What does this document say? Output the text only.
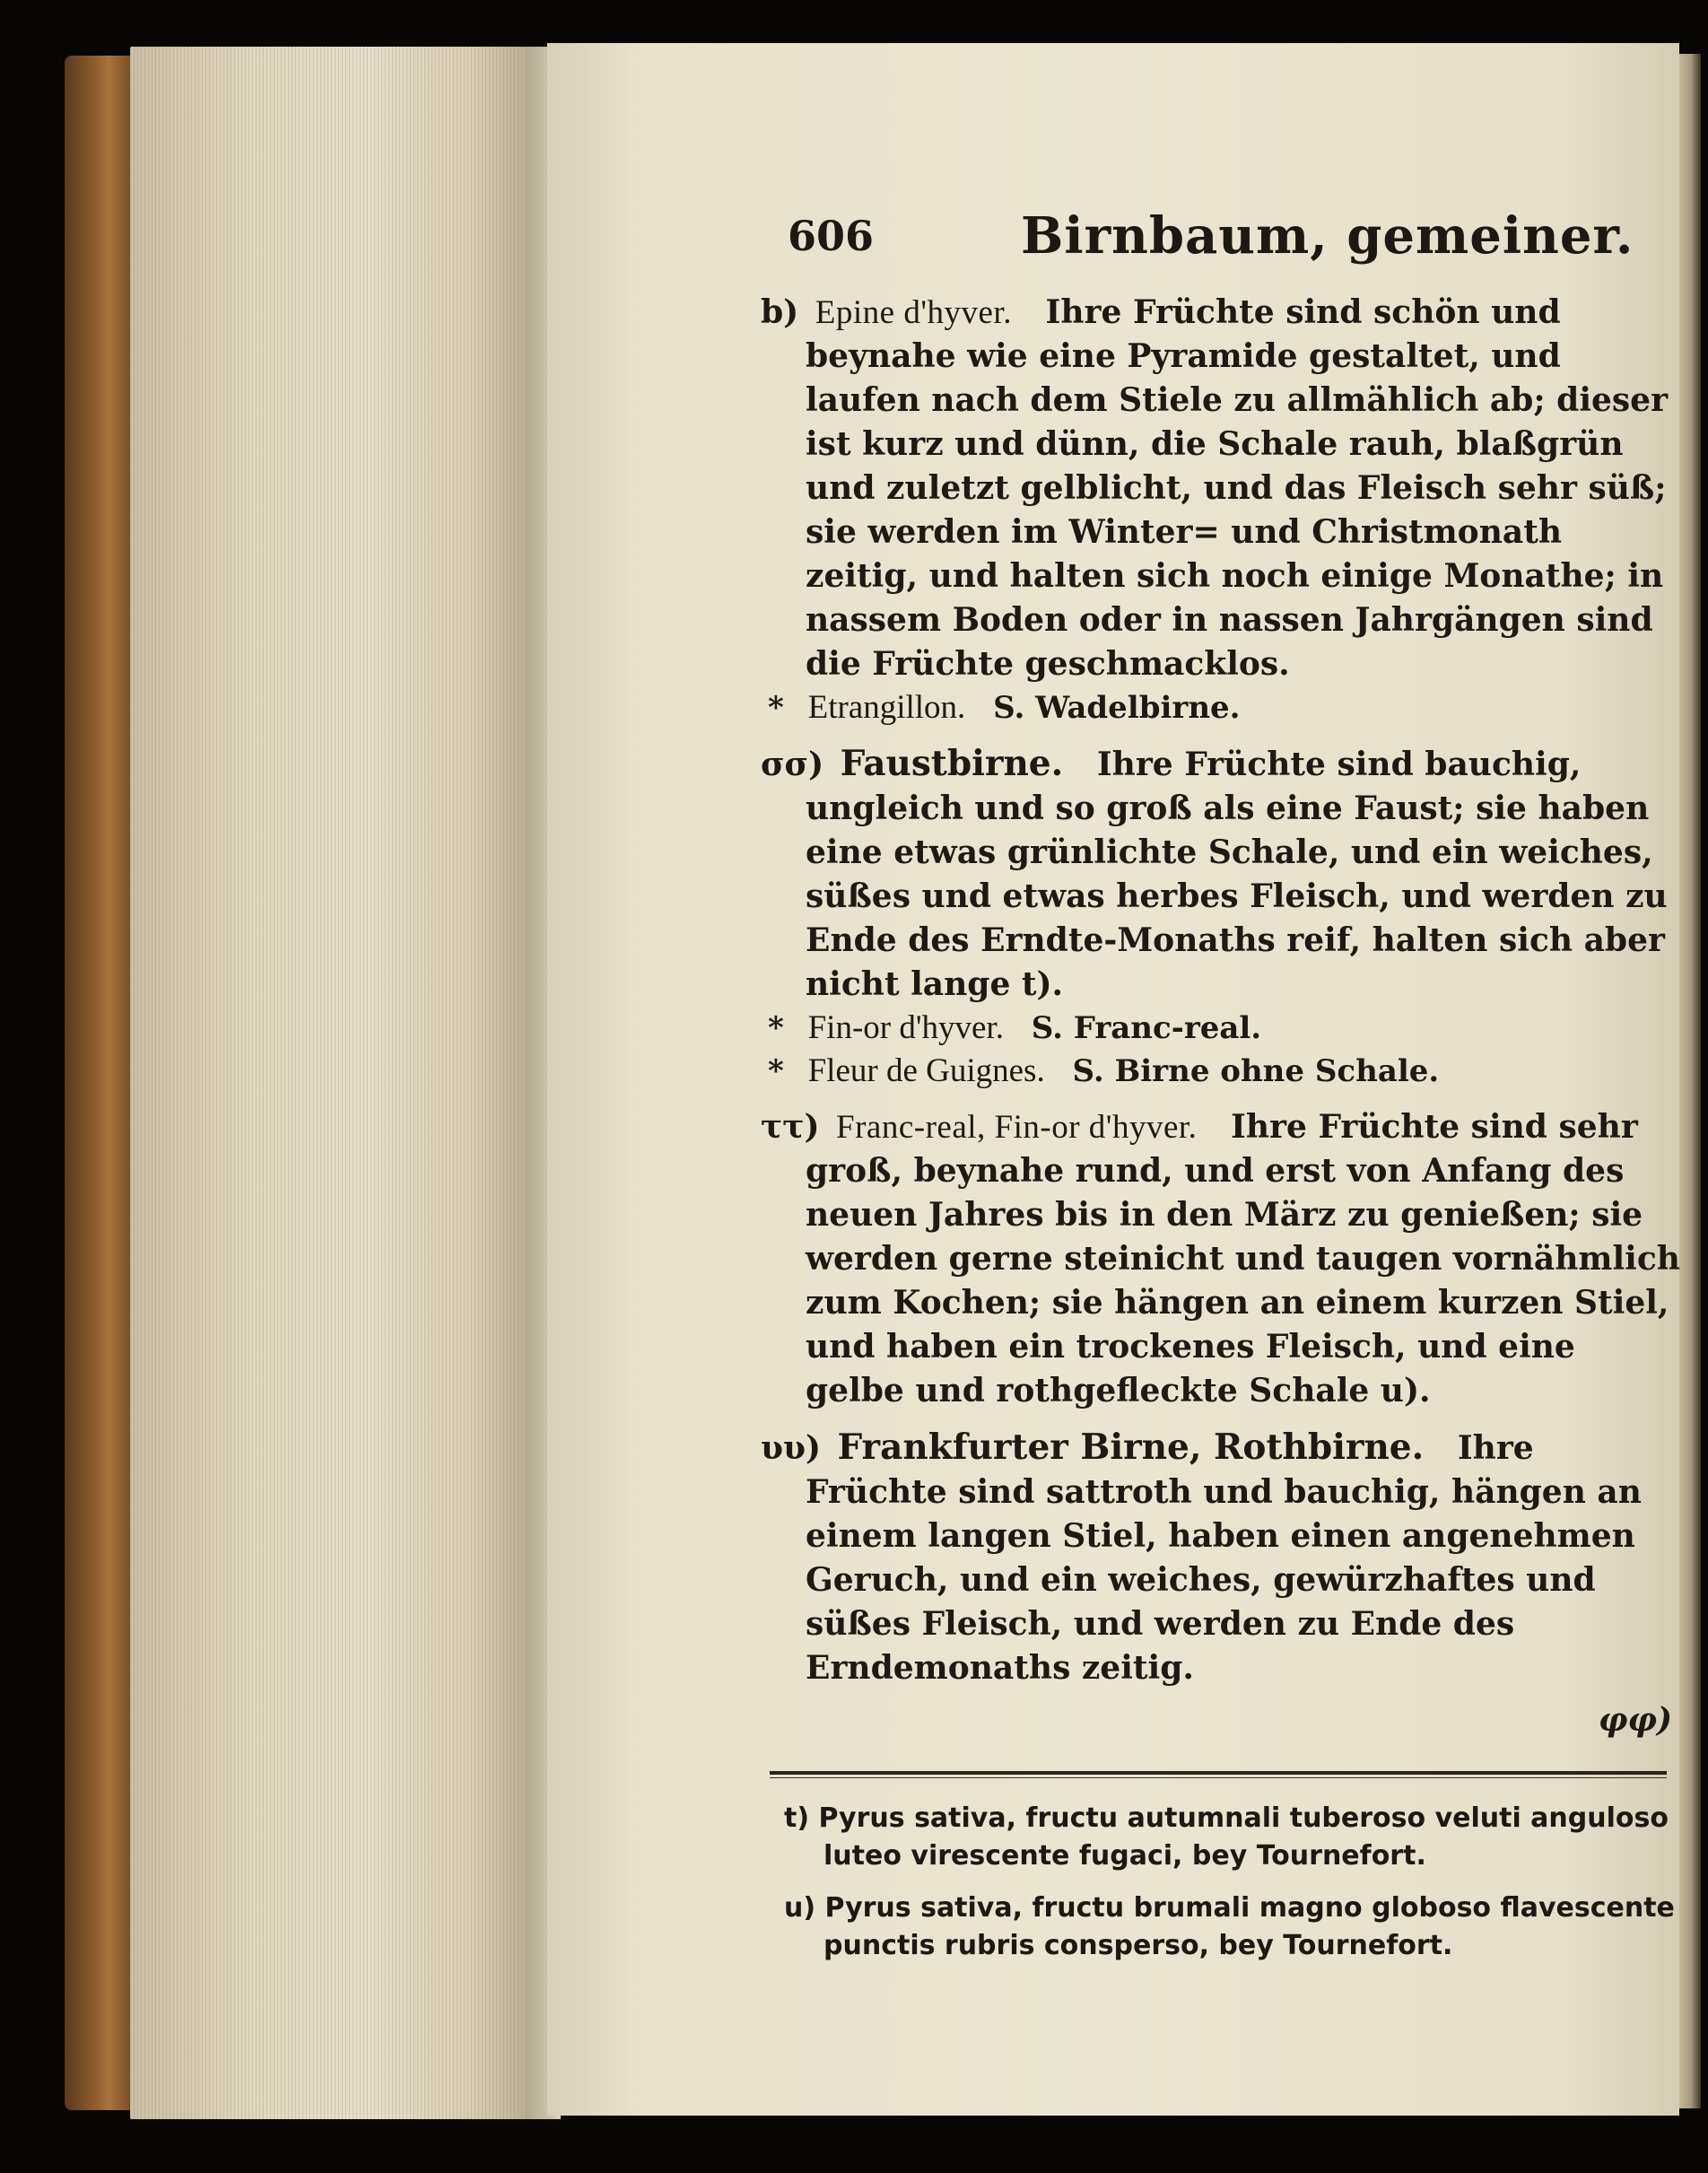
606	Birnbaum, gemeiner.

b) Epine d'hyver. Ihre Früchte sind schön und beynahe wie eine Pyramide gestaltet, und laufen nach dem Stiele zu allmählich ab; dieser ist kurz und dünn, die Schale rauh, blaßgrün und zuletzt gelblicht, und das Fleisch sehr süß; sie werden im Winter= und Christmonath zeitig, und halten sich noch einige Monathe; in nassem Boden oder in nassen Jahrgängen sind die Früchte geschmacklos.

* Etrangillon. S. Wadelbirne.

σσ) Faustbirne. Ihre Früchte sind bauchig, ungleich und so groß als eine Faust; sie haben eine etwas grünlichte Schale, und ein weiches, süßes und etwas herbes Fleisch, und werden zu Ende des Erndte-Monaths reif, halten sich aber nicht lange t).

* Fin-or d'hyver. S. Franc-real.

* Fleur de Guignes. S. Birne ohne Schale.

ττ) Franc-real, Fin-or d'hyver. Ihre Früchte sind sehr groß, beynahe rund, und erst von Anfang des neuen Jahres bis in den März zu genießen; sie werden gerne steinicht und taugen vornähmlich zum Kochen; sie hängen an einem kurzen Stiel, und haben ein trockenes Fleisch, und eine gelbe und rothgefleckte Schale u).

υυ) Frankfurter Birne, Rothbirne. Ihre Früchte sind sattroth und bauchig, hängen an einem langen Stiel, haben einen angenehmen Geruch, und ein weiches, gewürzhaftes und süßes Fleisch, und werden zu Ende des Erndemonaths zeitig.

φφ)

t) Pyrus sativa, fructu autumnali tuberoso veluti anguloso luteo virescente fugaci, bey Tournefort.

u) Pyrus sativa, fructu brumali magno globoso flavescente punctis rubris consperso, bey Tournefort.
